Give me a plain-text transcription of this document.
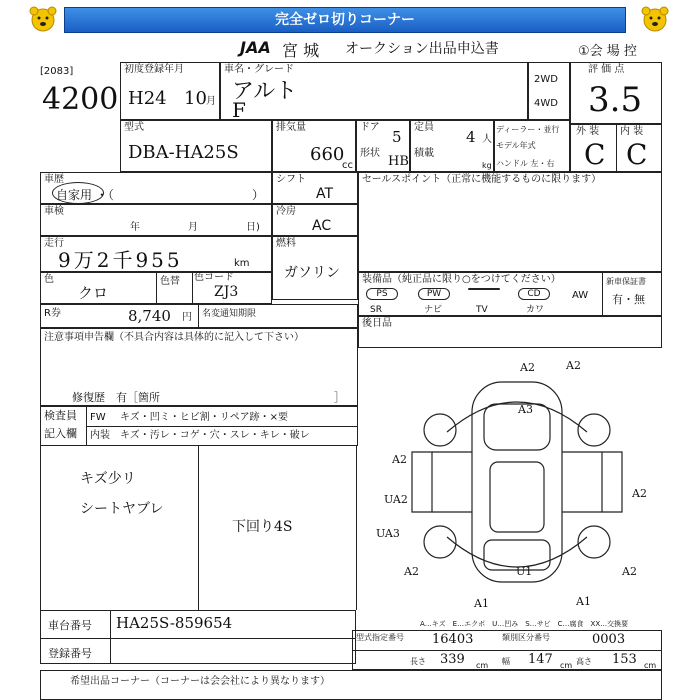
完全ゼロ切りコーナー
JAA 宮 城 オークション出品申込書	①会 場 控
[2083]
4200
初度登録年月
H24 10 月
車名・グレード
アルト
F
2WD
4WD
評 価 点
3.5
型式
DBA-HA25S
排気量
660
cc
ドア
5
形状
HB
定員
4 人
積載
kg
ディーラー・並行
モデル年式
ハンドル 左・右
外 装 内 装
C C
車歴
自家用 ・（	）
シフト
AT
セールスポイント（正常に機能するものに限ります）
車検
年	月	日)
冷房
AC
走行
9万2千955	km
燃料
ガソリン
色
クロ
色替 色コード
ZJ3
装備品（純正品に限り○をつけてください）
PS	PW	CD	AW
SR	ナビ	TV	カワ
新車保証書
有・無
R券	8,740 円 名変通知期限
後日品
注意事項申告欄（不具合内容は具体的に記入して下さい）
修復歴　有［箇所	］
検査員
記入欄
FW キズ・凹ミ・ヒビ割・リペア跡・×要
内装 キズ・汚レ・コゲ・穴・スレ・キレ・破レ
キズ少リ
シートヤブレ
下回り4S
A2	A2
A3
A2
UA2
UA3
A2
U1
A2
A1	A1
A2
A…キズ　E…エクボ　U…凹み　S…サビ　C…腐食　XX…交換要
車台番号 HA25S-859654
登録番号
型式指定番号 16403	類別区分番号	0003
長さ 339 cm 幅 147 cm 高さ 153 cm
希望出品コーナー（コーナーは会会社により異なります）
